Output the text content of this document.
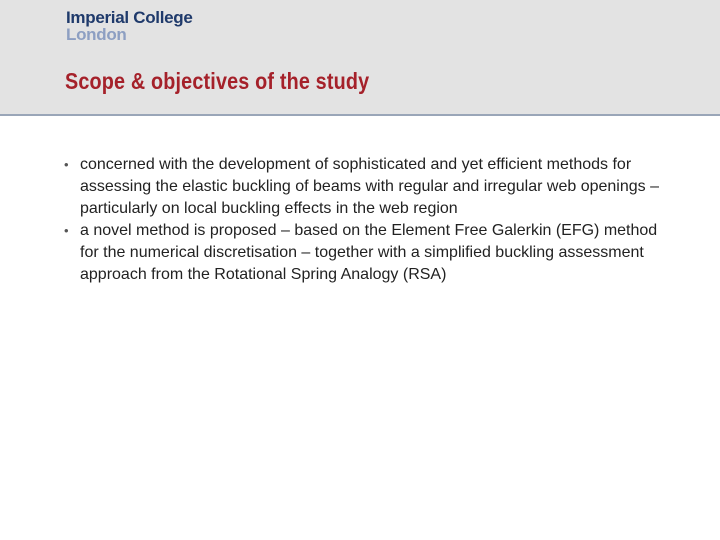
Imperial College
London
Scope & objectives of the study
• concerned with the development of sophisticated and yet efficient methods for assessing the elastic buckling of beams with regular and irregular web openings – particularly on local buckling effects in the web region
• a novel method is proposed – based on the Element Free Galerkin (EFG) method for the numerical discretisation – together with a simplified buckling assessment approach from the Rotational Spring Analogy (RSA)
